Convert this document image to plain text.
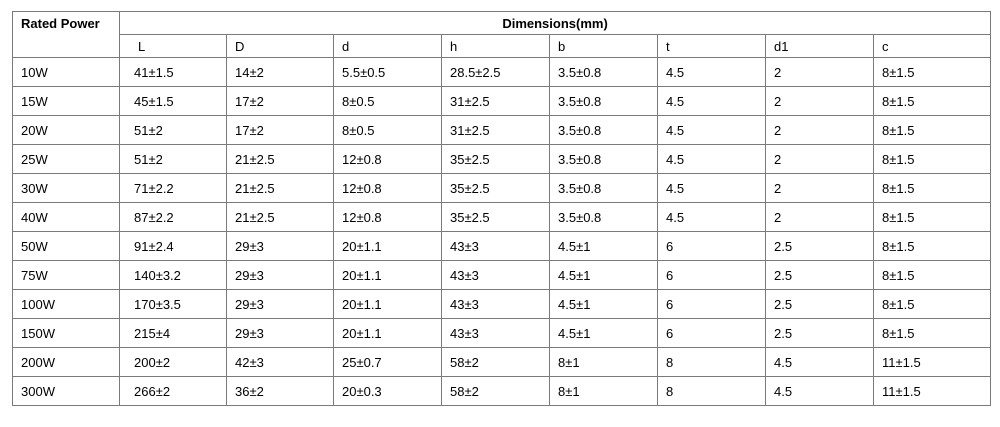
Rated Power	Dimensions(mm)							
	L	D	d	h	b	t	d1	c
10W	41±1.5	14±2	5.5±0.5	28.5±2.5	3.5±0.8	4.5	2	8±1.5
15W	45±1.5	17±2	8±0.5	31±2.5	3.5±0.8	4.5	2	8±1.5
20W	51±2	17±2	8±0.5	31±2.5	3.5±0.8	4.5	2	8±1.5
25W	51±2	21±2.5	12±0.8	35±2.5	3.5±0.8	4.5	2	8±1.5
30W	71±2.2	21±2.5	12±0.8	35±2.5	3.5±0.8	4.5	2	8±1.5
40W	87±2.2	21±2.5	12±0.8	35±2.5	3.5±0.8	4.5	2	8±1.5
50W	91±2.4	29±3	20±1.1	43±3	4.5±1	6	2.5	8±1.5
75W	140±3.2	29±3	20±1.1	43±3	4.5±1	6	2.5	8±1.5
100W	170±3.5	29±3	20±1.1	43±3	4.5±1	6	2.5	8±1.5
150W	215±4	29±3	20±1.1	43±3	4.5±1	6	2.5	8±1.5
200W	200±2	42±3	25±0.7	58±2	8±1	8	4.5	11±1.5
300W	266±2	36±2	20±0.3	58±2	8±1	8	4.5	11±1.5
